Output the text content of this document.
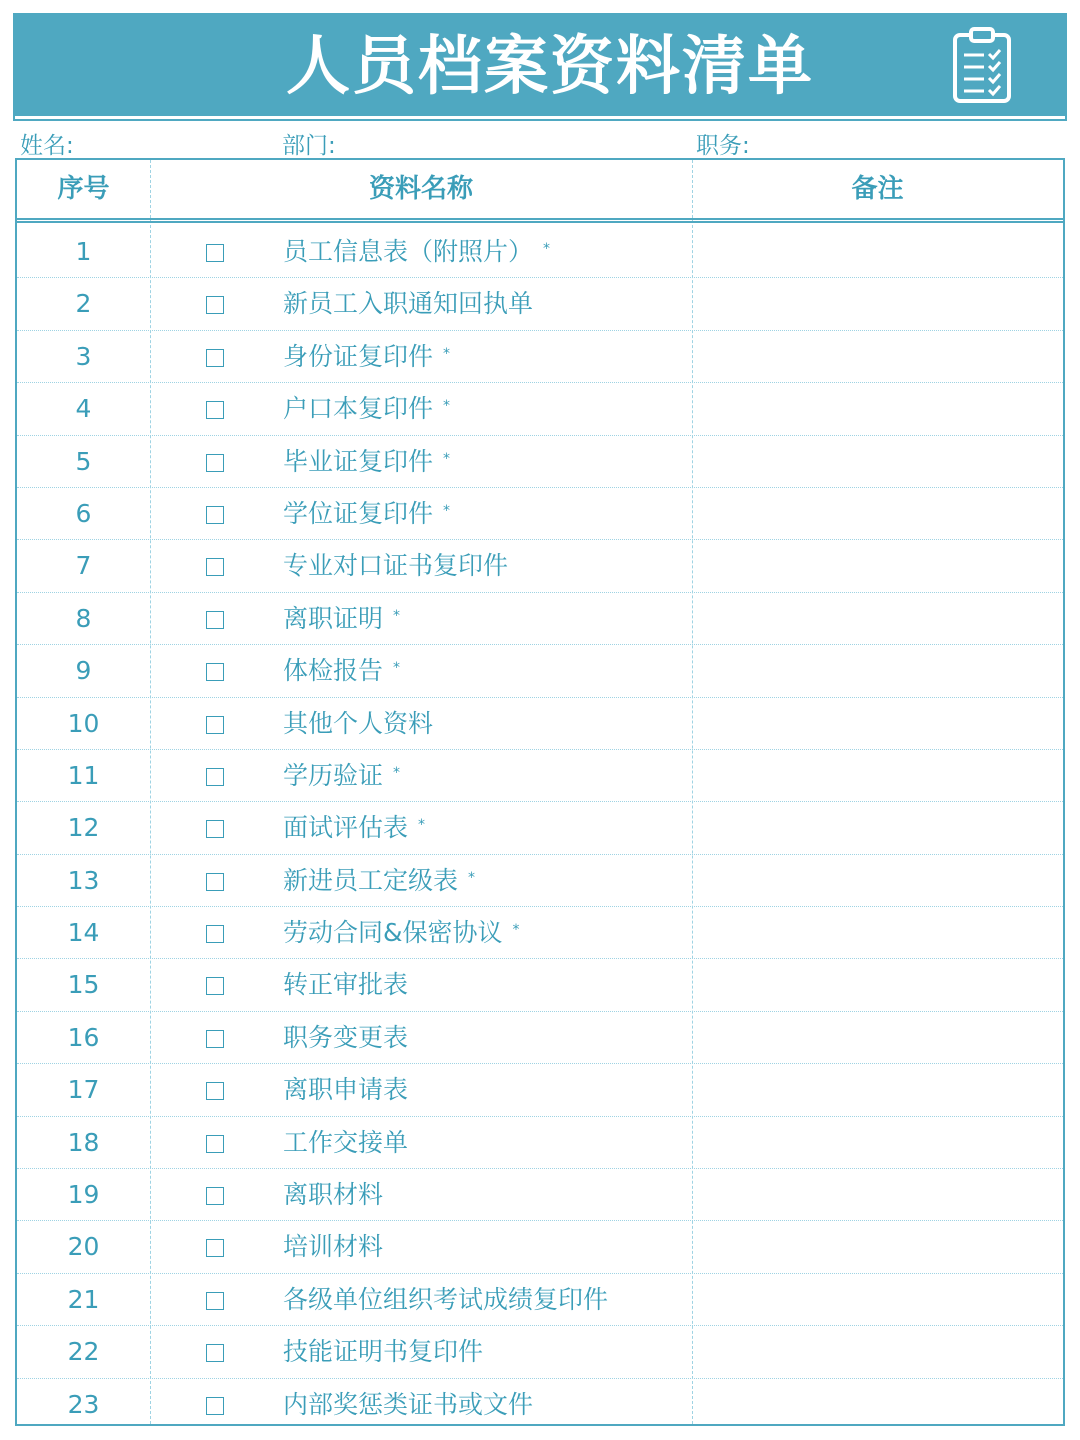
人员档案资料清单
姓名:	部门:	职务:
序号	资料名称	备注
1	员工信息表（附照片） *
2	新员工入职通知回执单
3	身份证复印件 *
4	户口本复印件 *
5	毕业证复印件 *
6	学位证复印件 *
7	专业对口证书复印件
8	离职证明 *
9	体检报告 *
10	其他个人资料
11	学历验证 *
12	面试评估表 *
13	新进员工定级表 *
14	劳动合同&保密协议 *
15	转正审批表
16	职务变更表
17	离职申请表
18	工作交接单
19	离职材料
20	培训材料
21	各级单位组织考试成绩复印件
22	技能证明书复印件
23	内部奖惩类证书或文件
